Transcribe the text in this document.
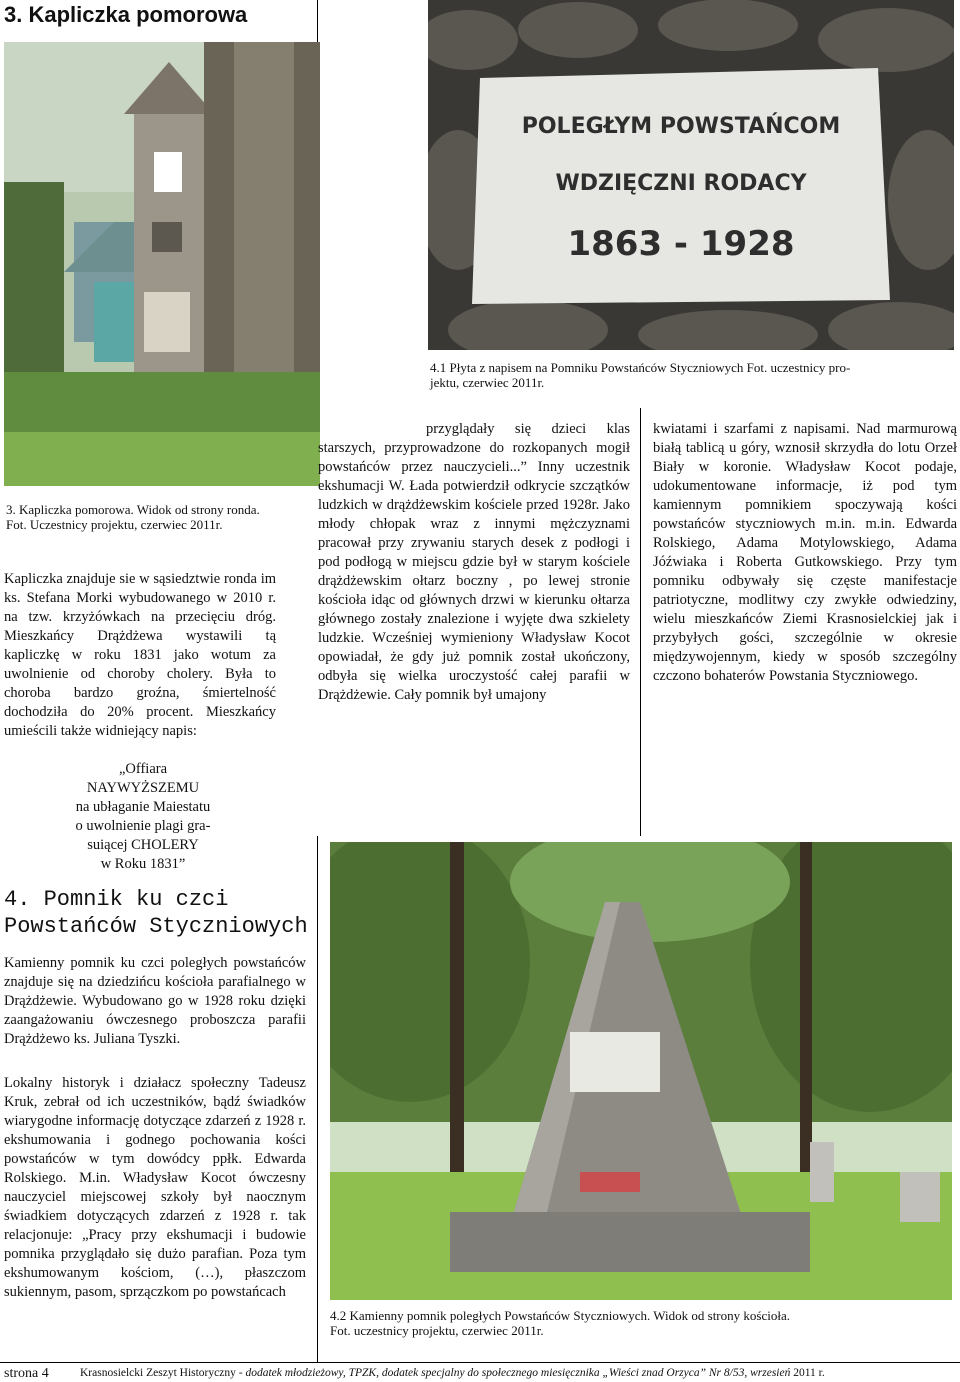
3. Kapliczka pomorowa
3. Kapliczka pomorowa. Widok od strony ronda.
Fot. Uczestnicy projektu, czerwiec 2011r.
POLEGŁYM POWSTAŃCOM
WDZIĘCZNI RODACY
1863 - 1928
4.1 Płyta z napisem na Pomniku Powstańców Styczniowych Fot. uczestnicy pro-
jektu, czerwiec 2011r.
Kapliczka znajduje sie w sąsiedztwie ronda im ks. Stefana Morki wybudowanego w 2010 r. na tzw. krzyżówkach na przecięciu dróg. Mieszkańcy Drążdżewa wystawili tą kapliczkę w roku 1831 jako wotum za uwolnienie od choroby cholery. Była to choroba bardzo groźna, śmiertelność dochodziła do 20% procent. Mieszkańcy umieścili także widniejący napis:
„Offiara
NAYWYŻSZEMU
na ubłaganie Maiestatu
o uwolnienie plagi gra-
suiącej CHOLERY
w Roku 1831”
4. Pomnik ku czci
Powstańców Styczniowych
Kamienny pomnik ku czci poległych powstańców znajduje się na dziedzińcu kościoła parafialnego w Drążdżewie. Wybudowano go w 1928 roku dzięki zaangażowaniu ówczesnego proboszcza parafii Drążdżewo ks. Juliana Tyszki.
Lokalny historyk i działacz społeczny Tadeusz Kruk, zebrał od ich uczestników, bądź świadków wiarygodne informację dotyczące zdarzeń z 1928 r. ekshumowania i godnego pochowania kości powstańców w tym dowódcy ppłk. Edwarda Rolskiego. M.in. Władysław Kocot ówczesny nauczyciel miejscowej szkoły był naocznym świadkiem dotyczących zdarzeń z 1928 r. tak relacjonuje: „Pracy przy ekshumacji i budowie pomnika przyglądało się dużo parafian. Poza tym ekshumowanym kościom, (…), płaszczom sukiennym, pasom, sprzączkom po powstańcach
przyglądały się dzieci klas starszych, przyprowadzone do rozkopanych mogił powstańców przez nauczycieli...” Inny uczestnik ekshumacji W. Łada potwierdził odkrycie szczątków ludzkich w drążdżewskim kościele przed 1928r. Jako młody chłopak wraz z innymi mężczyznami pracował przy zrywaniu starych desek z podłogi i pod podłogą w miejscu gdzie był w starym kościele drążdżewskim ołtarz boczny , po lewej stronie kościoła idąc od głównych drzwi w kierunku ołtarza głównego zostały znalezione i wyjęte dwa szkielety ludzkie. Wcześniej wymieniony Władysław Kocot opowiadał, że gdy już pomnik został ukończony, odbyła się wielka uroczystość całej parafii w Drążdżewie. Cały pomnik był umajony
kwiatami i szarfami z napisami. Nad marmurową białą tablicą u góry, wznosił skrzydła do lotu Orzeł Biały w koronie. Władysław Kocot podaje, udokumentowane informacje, iż pod tym kamiennym pomnikiem spoczywają kości powstańców styczniowych m.in. m.in. Edwarda Rolskiego, Adama Motylowskiego, Adama Jóźwiaka i Roberta Gutkowskiego. Przy tym pomniku odbywały się częste manifestacje patriotyczne, modlitwy czy zwykłe odwiedziny, wielu mieszkańców Ziemi Krasnosielckiej jak i przybyłych gości, szczególnie w okresie międzywojennym, kiedy w sposób szczególny czczono bohaterów Powstania Styczniowego.
4.2 Kamienny pomnik poległych Powstańców Styczniowych. Widok od strony kościoła.
Fot. uczestnicy projektu, czerwiec 2011r.
strona 4	Krasnosielcki Zeszyt Historyczny - dodatek młodzieżowy, TPZK, dodatek specjalny do społecznego miesięcznika „Wieści znad Orzyca” Nr 8/53, wrzesień 2011 r.
